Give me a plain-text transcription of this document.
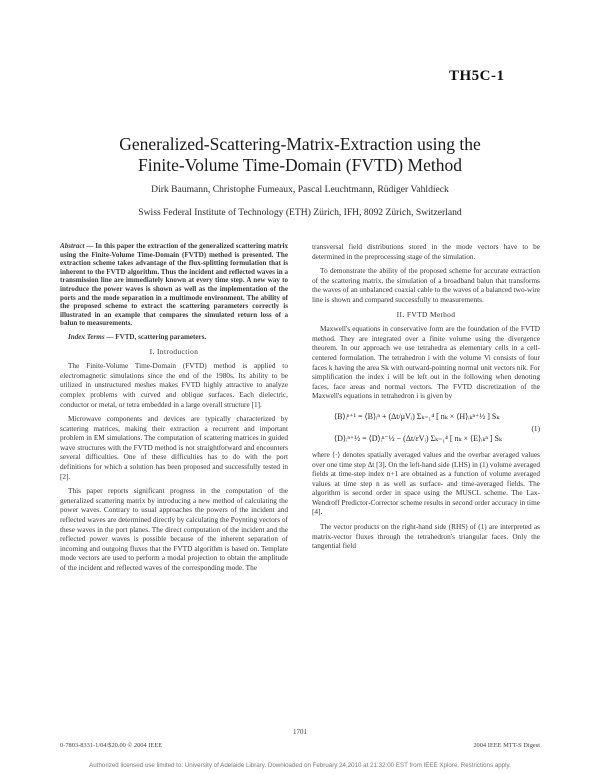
TH5C-1
Generalized-Scattering-Matrix-Extraction using the
Finite-Volume Time-Domain (FVTD) Method
Dirk Baumann, Christophe Fumeaux, Pascal Leuchtmann, Rüdiger Vahldieck
Swiss Federal Institute of Technology (ETH) Zürich, IFH, 8092 Zürich, Switzerland

Abstract — In this paper the extraction of the generalized scattering matrix using the Finite-Volume Time-Domain (FVTD) method is presented. The extraction scheme takes advantage of the flux-splitting formulation that is inherent to the FVTD algorithm. Thus the incident and reflected waves in a transmission line are immediately known at every time step. A new way to introduce the power waves is shown as well as the implementation of the ports and the mode separation in a multimode environment. The ability of the proposed scheme to extract the scattering parameters correctly is illustrated in an example that compares the simulated return loss of a balun to measurements.

Index Terms — FVTD, scattering parameters.

I. Introduction

The Finite-Volume Time-Domain (FVTD) method is applied to electromagnetic simulations since the end of the 1980s. Its ability to be utilized in unstructured meshes makes FVTD highly attractive to analyze complex problems with curved and oblique surfaces. Each dielectric, conductor or metal, or tetra embedded in a large overall structure [1].

Microwave components and devices are typically characterized by scattering matrices, making their extraction a recurrent and important problem in EM simulations. The computation of scattering matrices in guided wave structures with the FVTD method is not straightforward and encounters several difficulties. One of these difficulties has to do with the port definitions for which a solution has been proposed and successfully tested in [2].

This paper reports significant progress in the computation of the generalized scattering matrix by introducing a new method of calculating the power waves. Contrary to usual approaches the powers of the incident and reflected waves are determined directly by calculating the Poynting vectors of these waves in the port planes. The direct computation of the incident and the reflected power waves is possible because of the inherent separation of incoming and outgoing fluxes that the FVTD algorithm is based on. Template mode vectors are used to perform a modal projection to obtain the amplitude of the incident and reflected waves of the corresponding mode. The

transversal field distributions stored in the mode vectors have to be determined in the preprocessing stage of the simulation.

To demonstrate the ability of the proposed scheme for accurate extraction of the scattering matrix, the simulation of a broadband balun that transforms the waves of an unbalanced coaxial cable to the waves of a balanced two-wire line is shown and compared successfully to measurements.

II. FVTD Method

Maxwell's equations in conservative form are the foundation of the FVTD method. They are integrated over a finite volume using the divergence theorem. In our approach we use tetrahedra as elementary cells in a cell-centered formulation. The tetrahedron i with the volume Vi consists of four faces k having the area Sk with outward-pointing normal unit vectors nik. For simplification the index i will be left out in the following when denoting faces, face areas and normal vectors. The FVTD discretization of the Maxwell's equations in tetrahedron i is given by

⟨B⟩ᵢⁿ⁺¹ = ⟨B⟩ᵢⁿ + (Δt/μVᵢ) Σₖ₌₁⁴ [ nₖ × ⟨H⟩ᵢₖⁿ⁺½ ] Sₖ
⟨D⟩ᵢⁿ⁺½ = ⟨D⟩ᵢⁿ⁻½ − (Δt/εVᵢ) Σₖ₌₁⁴ [ nₖ × ⟨E⟩ᵢₖⁿ ] Sₖ
(1)

where ⟨·⟩ denotes spatially averaged values and the overbar averaged values over one time step Δt [3]. On the left-hand side (LHS) in (1) volume averaged fields at time-step index n+1 are obtained as a function of volume averaged values at time step n as well as surface- and time-averaged fields. The algorithm is second order in space using the MUSCL scheme. The Lax-Wendroff Predictor-Corrector scheme results in second order accuracy in time [4].

The vector products on the right-hand side (RHS) of (1) are interpreted as matrix-vector fluxes through the tetrahedron's triangular faces. Only the tangential field

1701
0-7803-8331-1/04/$20.00 © 2004 IEEE	2004 IEEE MTT-S Digest
Authorized licensed use limited to: University of Adelaide Library. Downloaded on February 24,2010 at 21:32:00 EST from IEEE Xplore. Restrictions apply.
